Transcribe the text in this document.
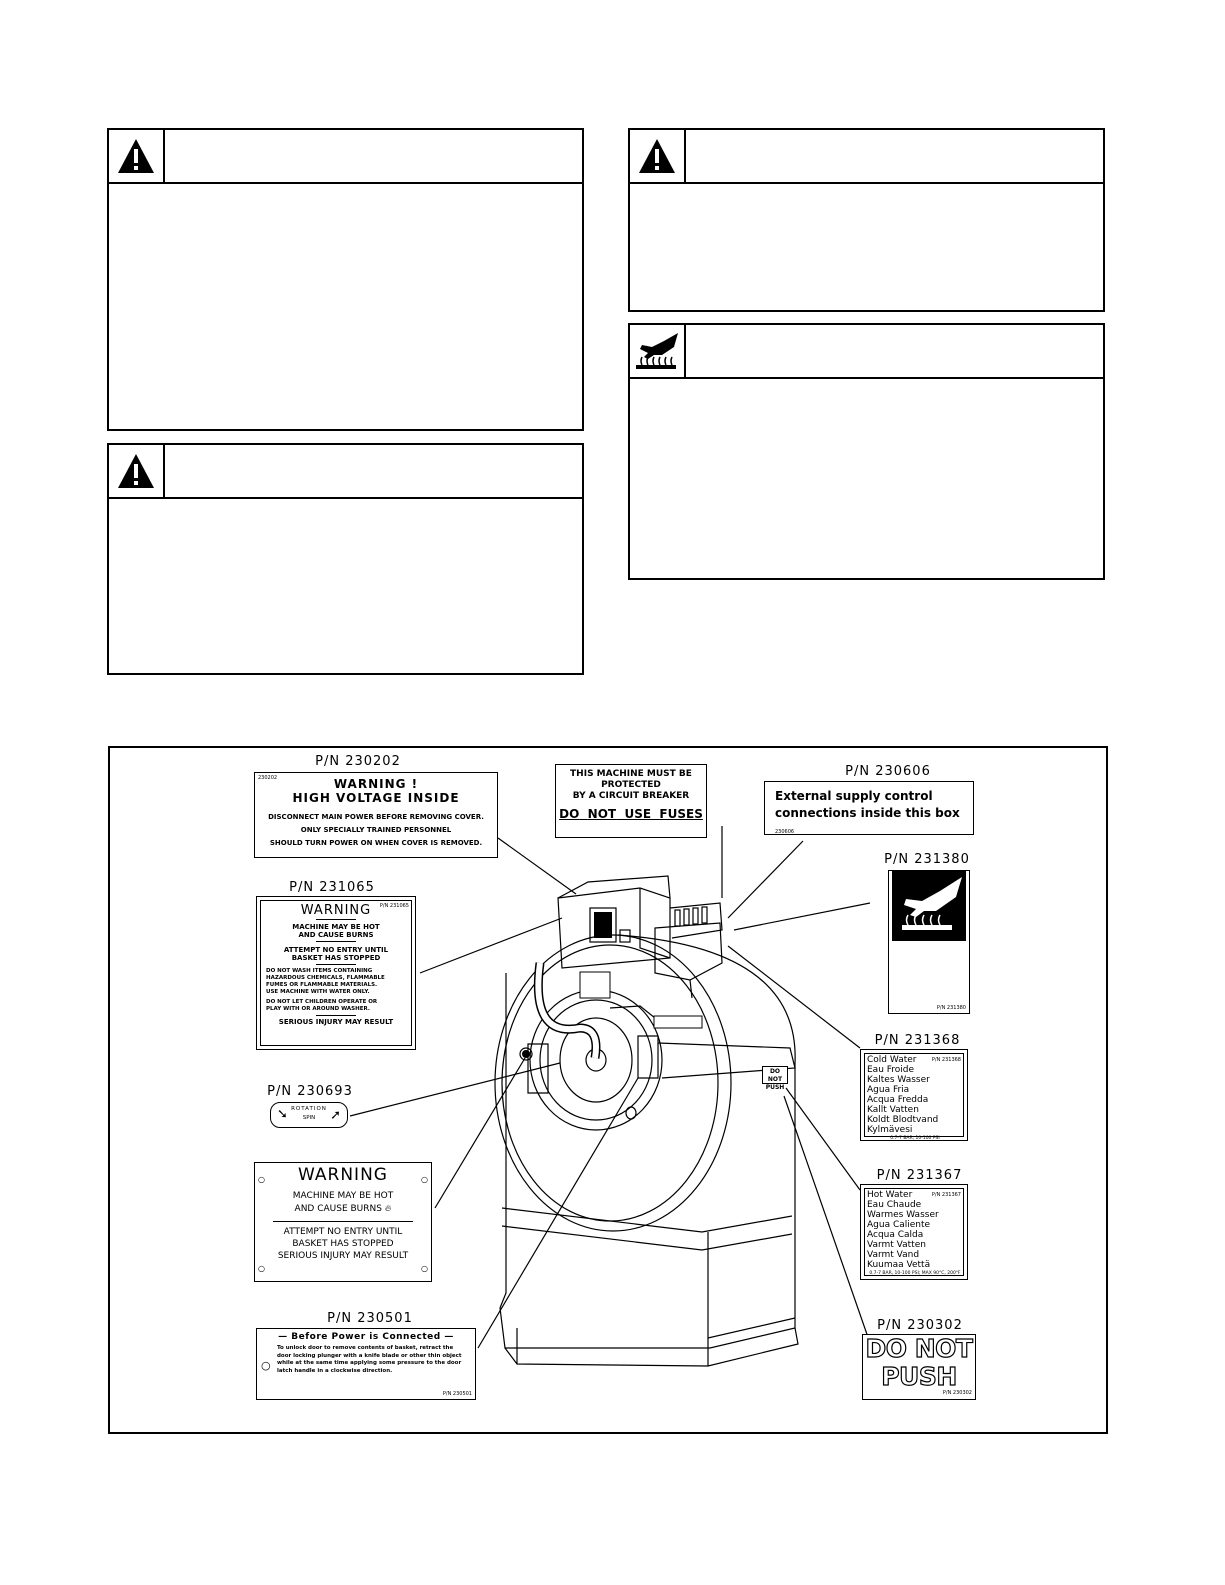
DO NOT PUSH
P/N 230202
230202	WARNING !
HIGH VOLTAGE INSIDE
DISCONNECT MAIN POWER BEFORE REMOVING COVER.
ONLY SPECIALLY TRAINED PERSONNEL
SHOULD TURN POWER ON WHEN COVER IS REMOVED.
THIS MACHINE MUST BE
PROTECTED
BY A CIRCUIT BREAKER
DO NOT USE FUSES
P/N 230606
External supply control
connections inside this box
230606
P/N 231380
P/N 231380
P/N 231065
P/N 231065
WARNING
MACHINE MAY BE HOT
AND CAUSE BURNS
ATTEMPT NO ENTRY UNTIL
BASKET HAS STOPPED
DO NOT WASH ITEMS CONTAINING
HAZARDOUS CHEMICALS, FLAMMABLE
FUMES OR FLAMMABLE MATERIALS.
USE MACHINE WITH WATER ONLY.
DO NOT LET CHILDREN OPERATE OR
PLAY WITH OR AROUND WASHER.
SERIOUS INJURY MAY RESULT
P/N 231368
P/N 231368
Cold Water
Eau Froide
Kaltes Wasser
Agua Fria
Acqua Fredda
Kallt Vatten
Koldt Blodtvand
Kylmävesi
0.7-7 BAR, 10-100 PSI
P/N 230693
➘	➚
ROTATION
SPIN
○	○
○	○
WARNING
MACHINE MAY BE HOT
AND CAUSE BURNS 🔥︎
ATTEMPT NO ENTRY UNTIL
BASKET HAS STOPPED
SERIOUS INJURY MAY RESULT
P/N 231367
P/N 231367
Hot Water
Eau Chaude
Warmes Wasser
Agua Caliente
Acqua Calda
Varmt Vatten
Varmt Vand
Kuumaa Vettä
0.7-7 BAR, 10-100 PSI; MAX 90°C, 200°F
P/N 230501
— Before Power is Connected —
○
To unlock door to remove contents of basket, retract the door locking plunger with a knife blade or other thin object while at the same time applying some pressure to the door latch handle in a clockwise direction.
P/N 230501
P/N 230302
DO NOT
PUSH
P/N 230302
